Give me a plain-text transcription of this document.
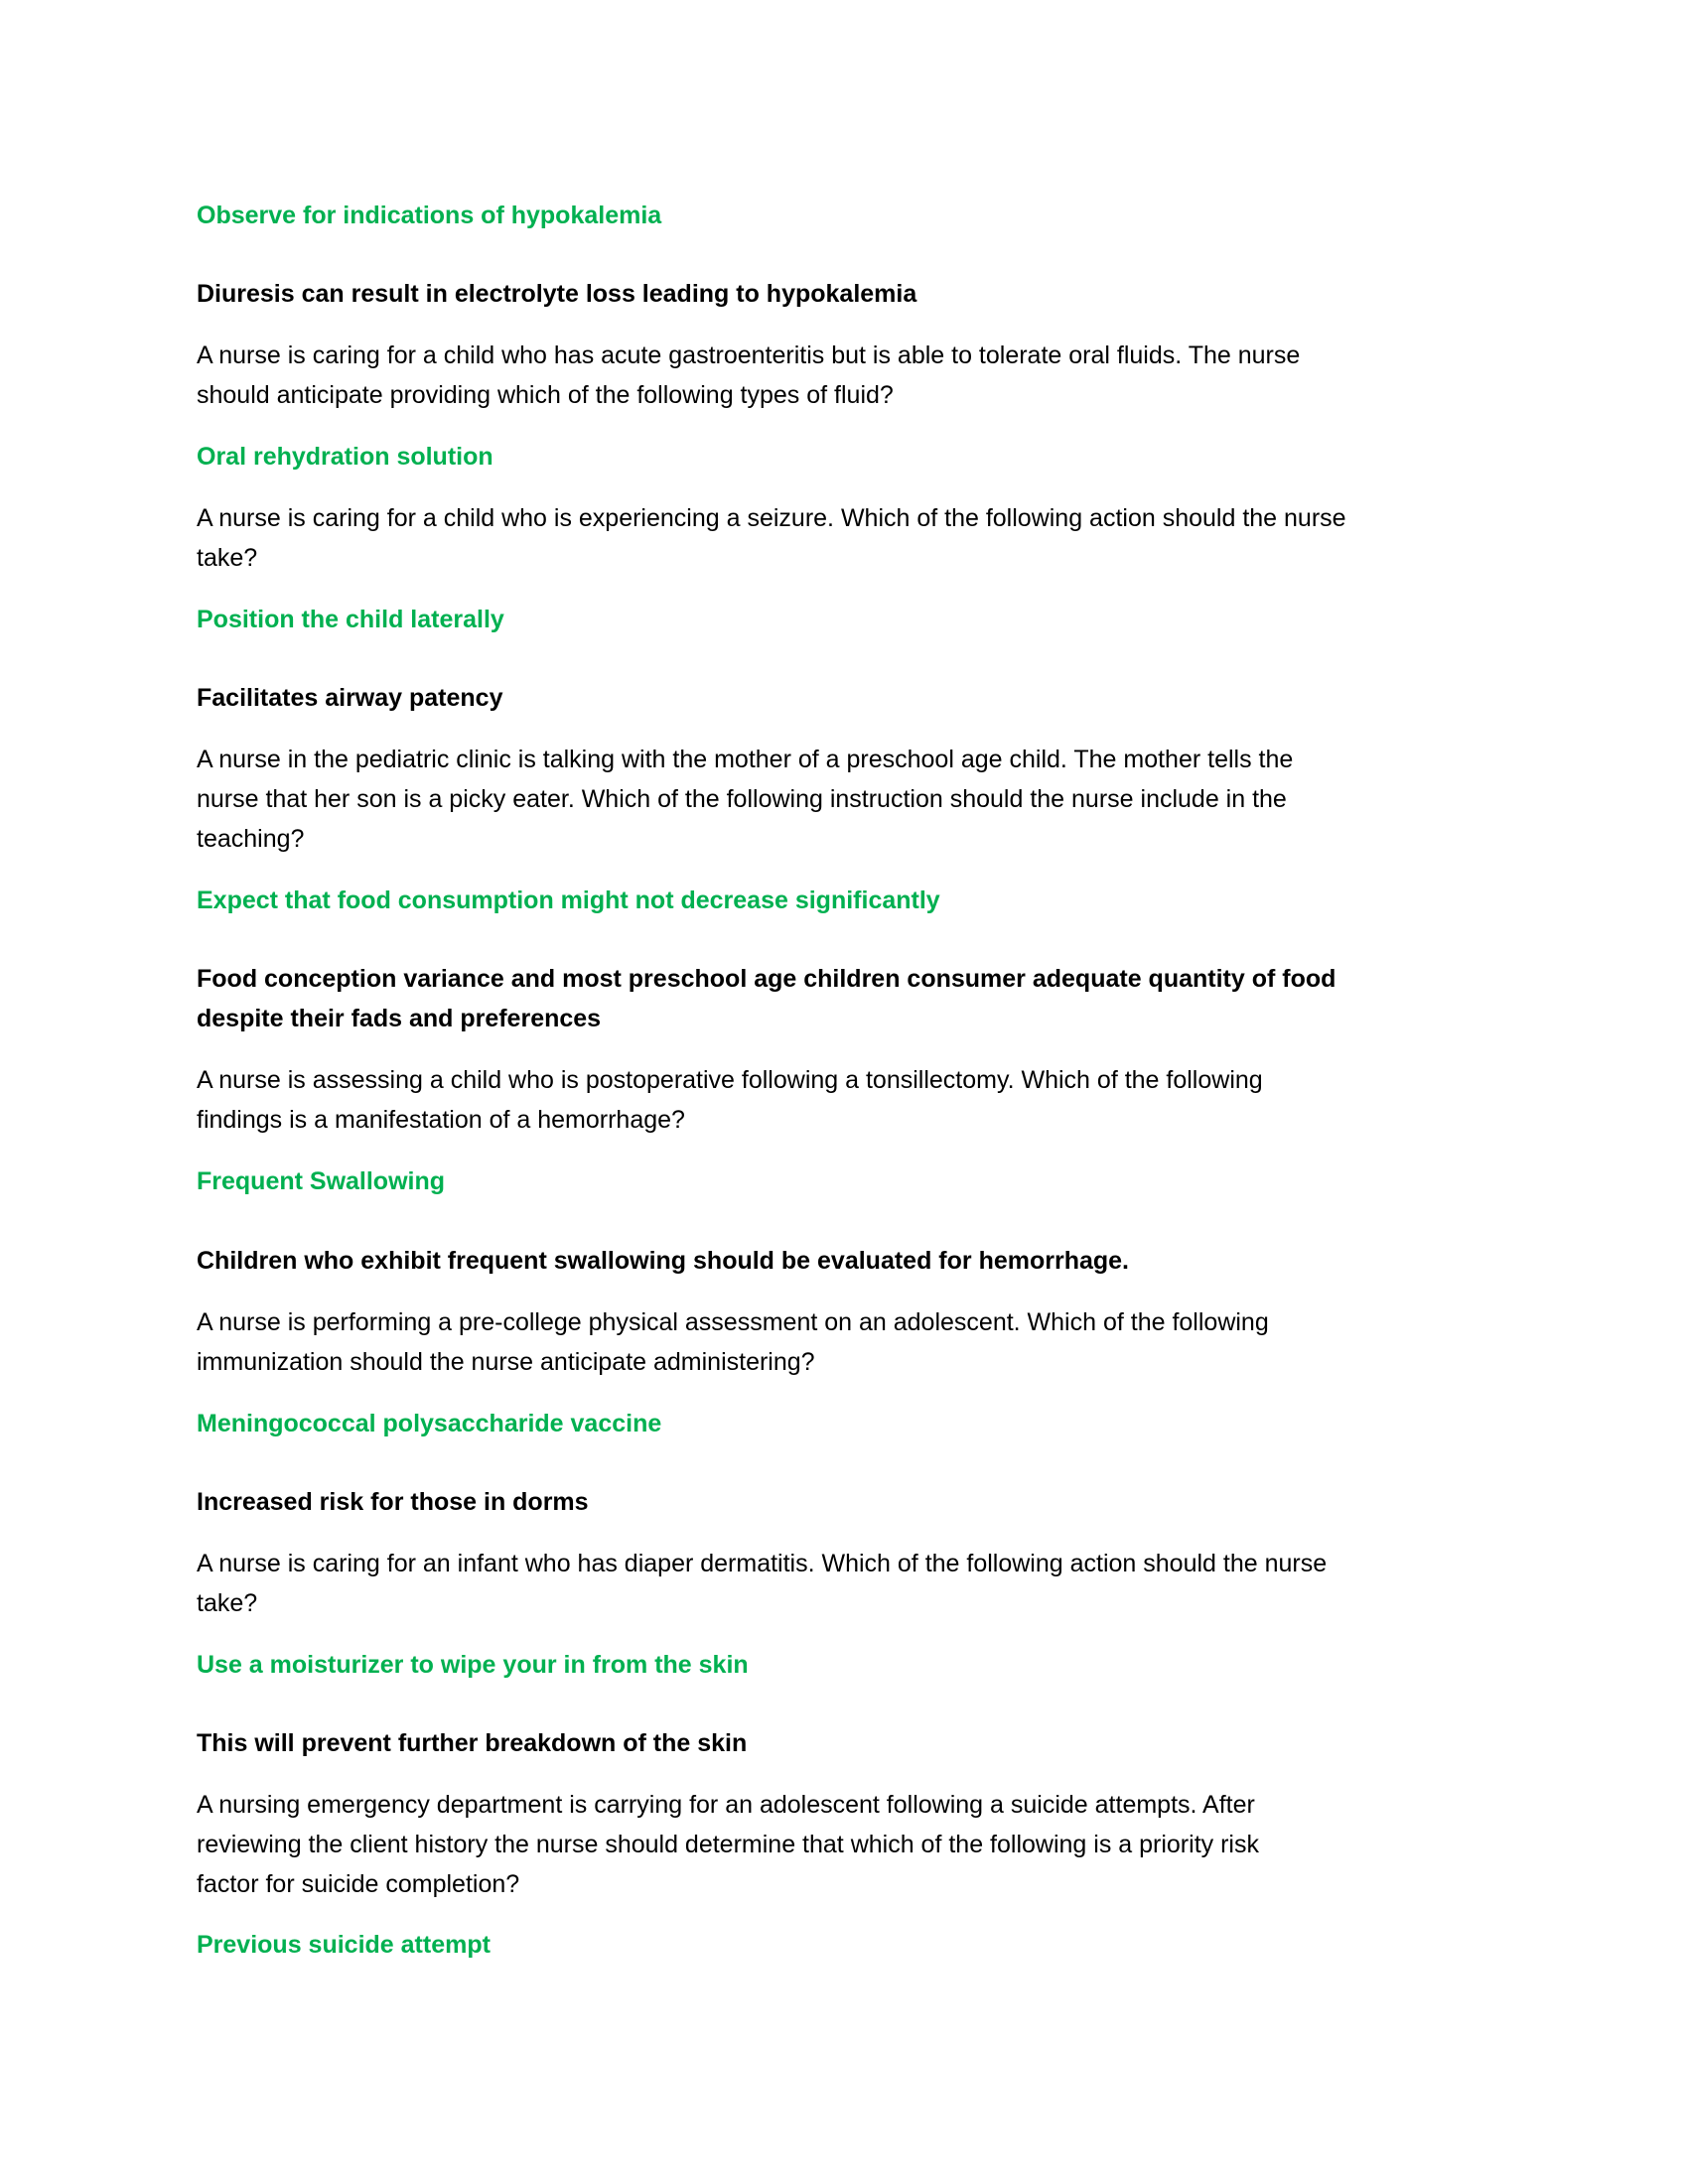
Observe for indications of hypokalemia
Diuresis can result in electrolyte loss leading to hypokalemia
A nurse is caring for a child who has acute gastroenteritis but is able to tolerate oral fluids. The nurse
should anticipate providing which of the following types of fluid?
Oral rehydration solution
A nurse is caring for a child who is experiencing a seizure. Which of the following action should the nurse
take?
Position the child laterally
Facilitates airway patency
A nurse in the pediatric clinic is talking with the mother of a preschool age child. The mother tells the
nurse that her son is a picky eater. Which of the following instruction should the nurse include in the
teaching?
Expect that food consumption might not decrease significantly
Food conception variance and most preschool age children consumer adequate quantity of food
despite their fads and preferences
A nurse is assessing a child who is postoperative following a tonsillectomy. Which of the following
findings is a manifestation of a hemorrhage?
Frequent Swallowing
Children who exhibit frequent swallowing should be evaluated for hemorrhage.
A nurse is performing a pre-college physical assessment on an adolescent. Which of the following
immunization should the nurse anticipate administering?
Meningococcal polysaccharide vaccine
Increased risk for those in dorms
A nurse is caring for an infant who has diaper dermatitis. Which of the following action should the nurse
take?
Use a moisturizer to wipe your in from the skin
This will prevent further breakdown of the skin
A nursing emergency department is carrying for an adolescent following a suicide attempts. After
reviewing the client history the nurse should determine that which of the following is a priority risk
factor for suicide completion?
Previous suicide attempt
